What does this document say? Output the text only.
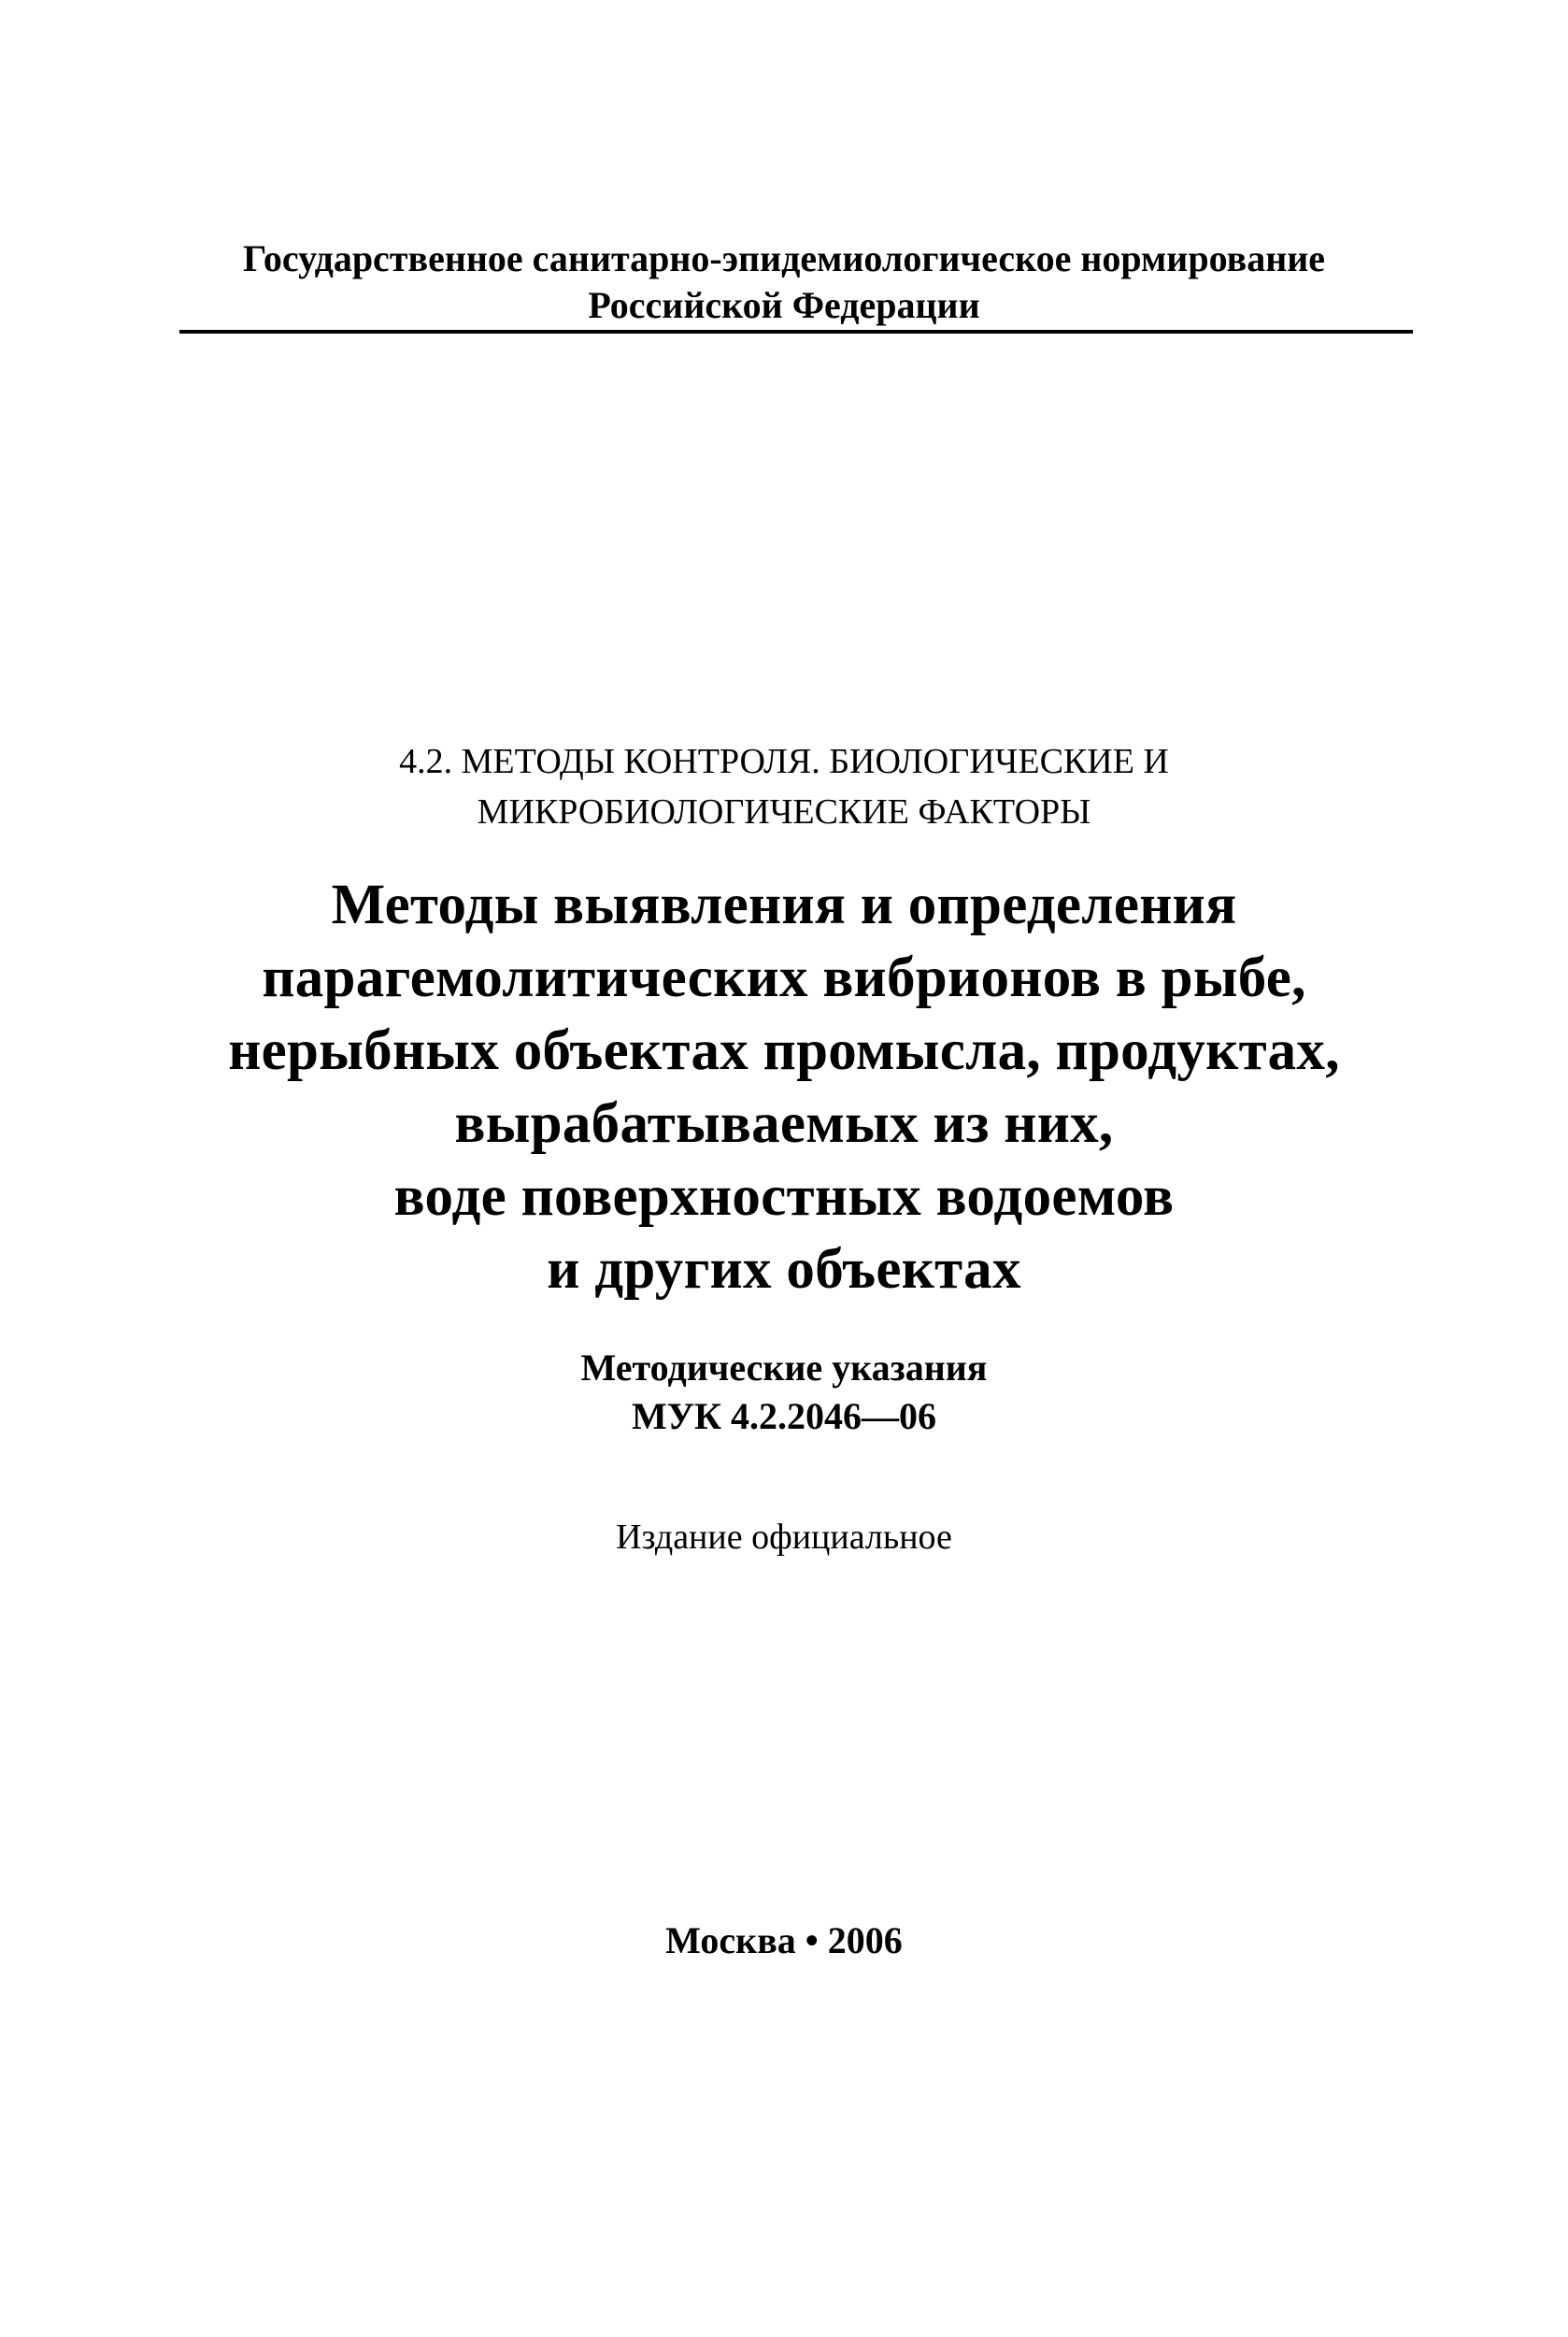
Государственное санитарно-эпидемиологическое нормирование
Российской Федерации
4.2. МЕТОДЫ КОНТРОЛЯ. БИОЛОГИЧЕСКИЕ И
МИКРОБИОЛОГИЧЕСКИЕ ФАКТОРЫ
Методы выявления и определения
парагемолитических вибрионов в рыбе,
нерыбных объектах промысла, продуктах,
вырабатываемых из них,
воде поверхностных водоемов
и других объектах
Методические указания
МУК 4.2.2046—06
Издание официальное
Москва • 2006
